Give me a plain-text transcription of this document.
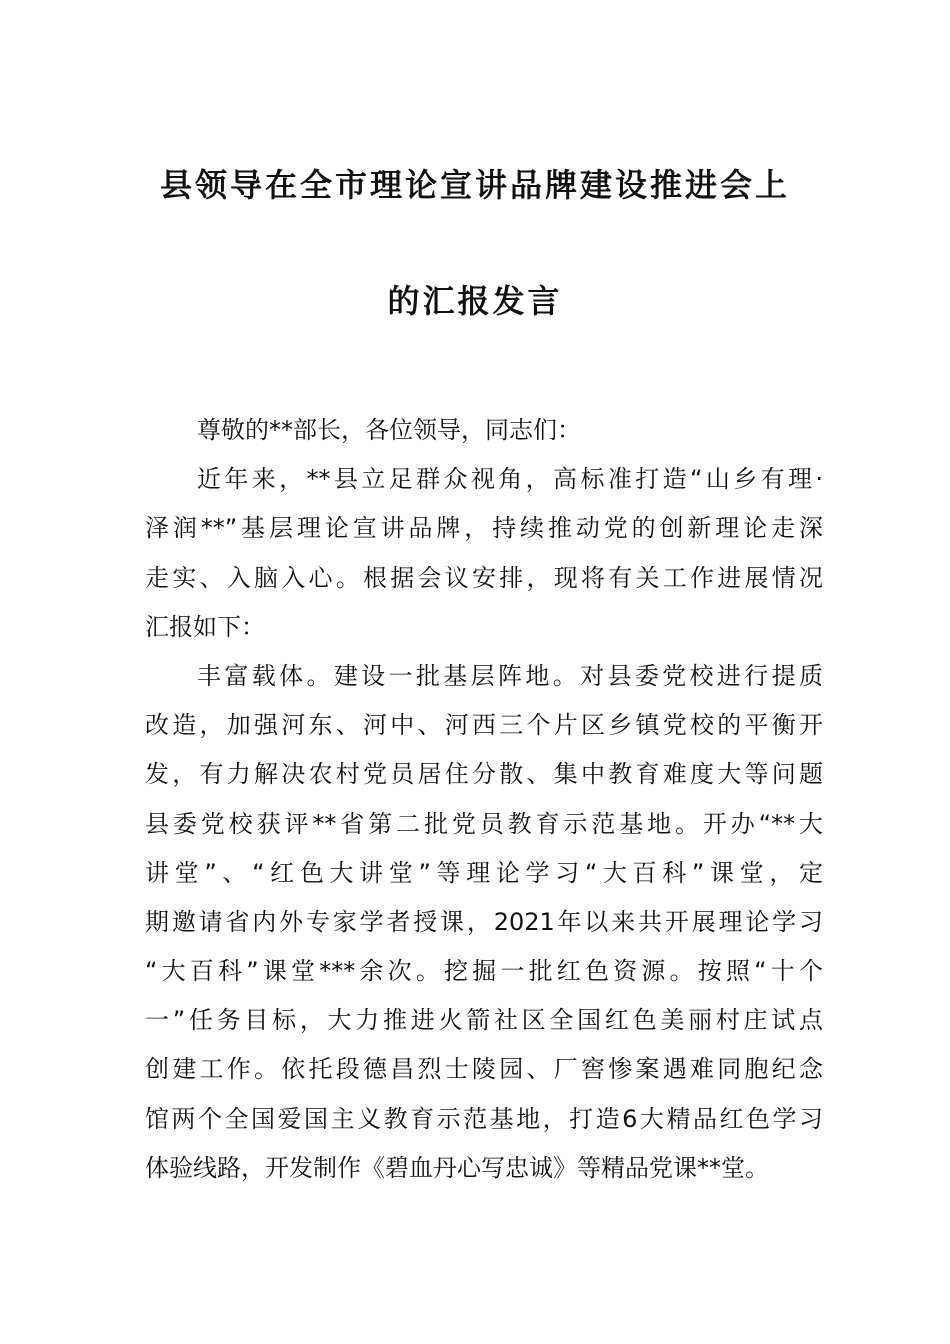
县领导在全市理论宣讲品牌建设推进会上
的汇报发言
尊敬的**部长，各位领导，同志们：
近年来，**县立足群众视角，高标准打造“山乡有理·
泽润**”基层理论宣讲品牌，持续推动党的创新理论走深
走实、入脑入心。根据会议安排，现将有关工作进展情况
汇报如下：
丰富载体。建设一批基层阵地。对县委党校进行提质
改造，加强河东、河中、河西三个片区乡镇党校的平衡开
发，有力解决农村党员居住分散、集中教育难度大等问题
县委党校获评**省第二批党员教育示范基地。开办“**大
讲堂”、“红色大讲堂”等理论学习“大百科”课堂，定
期邀请省内外专家学者授课，2021年以来共开展理论学习
“大百科”课堂***余次。挖掘一批红色资源。按照“十个
一”任务目标，大力推进火箭社区全国红色美丽村庄试点
创建工作。依托段德昌烈士陵园、厂窖惨案遇难同胞纪念
馆两个全国爱国主义教育示范基地，打造6大精品红色学习
体验线路，开发制作《碧血丹心写忠诚》等精品党课**堂。
